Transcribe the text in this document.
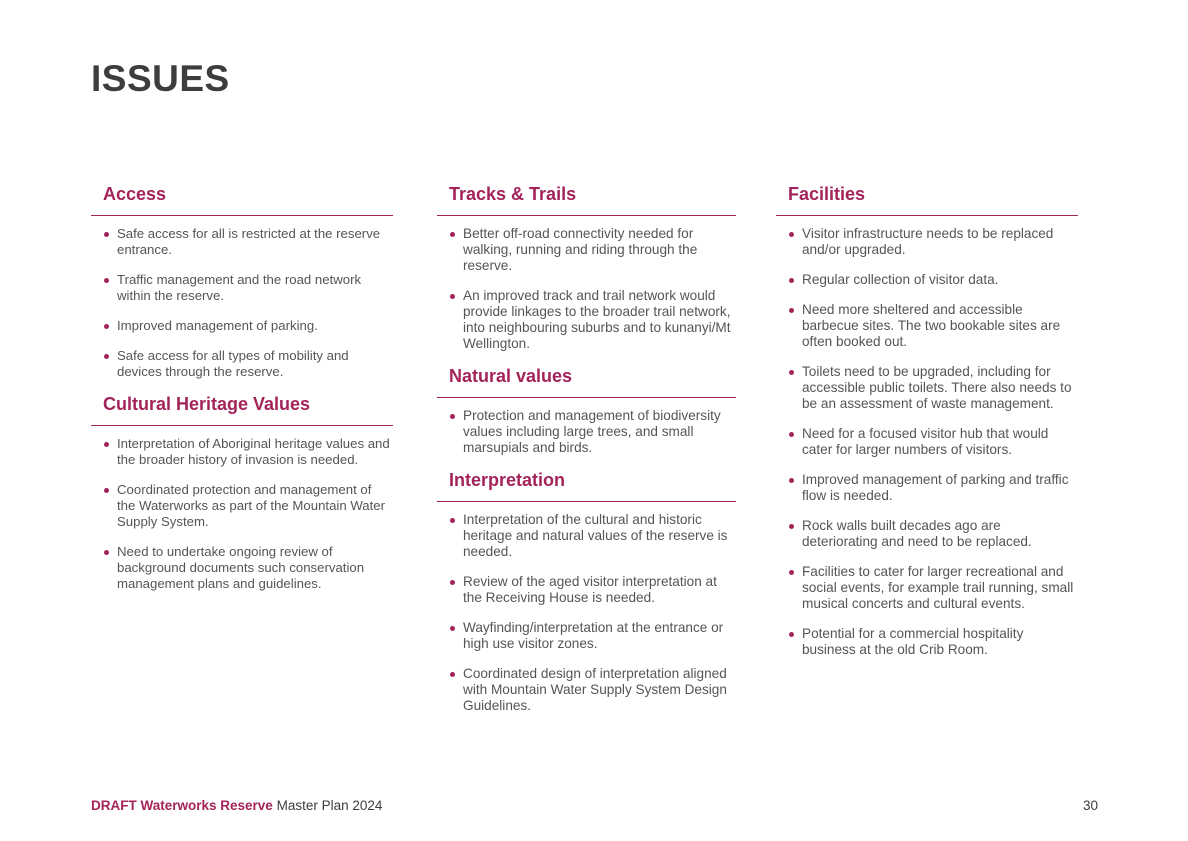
ISSUES
Access
Safe access for all is restricted at the reserve entrance.
Traffic management and the road network within the reserve.
Improved management of parking.
Safe access for all types of mobility and devices through the reserve.
Cultural Heritage Values
Interpretation of Aboriginal heritage values and the broader history of invasion is needed.
Coordinated protection and management of the Waterworks as part of the Mountain Water Supply System.
Need to undertake ongoing review of background documents such conservation management plans and guidelines.
Tracks & Trails
Better off-road connectivity needed for walking, running and riding through the reserve.
An improved track and trail network would provide linkages to the broader trail network, into neighbouring suburbs and to kunanyi/Mt Wellington.
Natural values
Protection and management of biodiversity values including large trees, and small marsupials and birds.
Interpretation
Interpretation of the cultural and historic heritage and natural values of the reserve is needed.
Review of the aged visitor interpretation at the Receiving House is needed.
Wayfinding/interpretation at the entrance or high use visitor zones.
Coordinated design of interpretation aligned with Mountain Water Supply System Design Guidelines.
Facilities
Visitor infrastructure needs to be replaced and/or upgraded.
Regular collection of visitor data.
Need more sheltered and accessible barbecue sites. The two bookable sites are often booked out.
Toilets need to be upgraded, including for accessible public toilets. There also needs to be an assessment of waste management.
Need for a focused visitor hub that would cater for larger numbers of visitors.
Improved management of parking and traffic flow is needed.
Rock walls built decades ago are deteriorating and need to be replaced.
Facilities to cater for larger recreational and social events, for example trail running, small musical concerts and cultural events.
Potential for a commercial hospitality business at the old Crib Room.
DRAFT Waterworks Reserve Master Plan 2024	30
